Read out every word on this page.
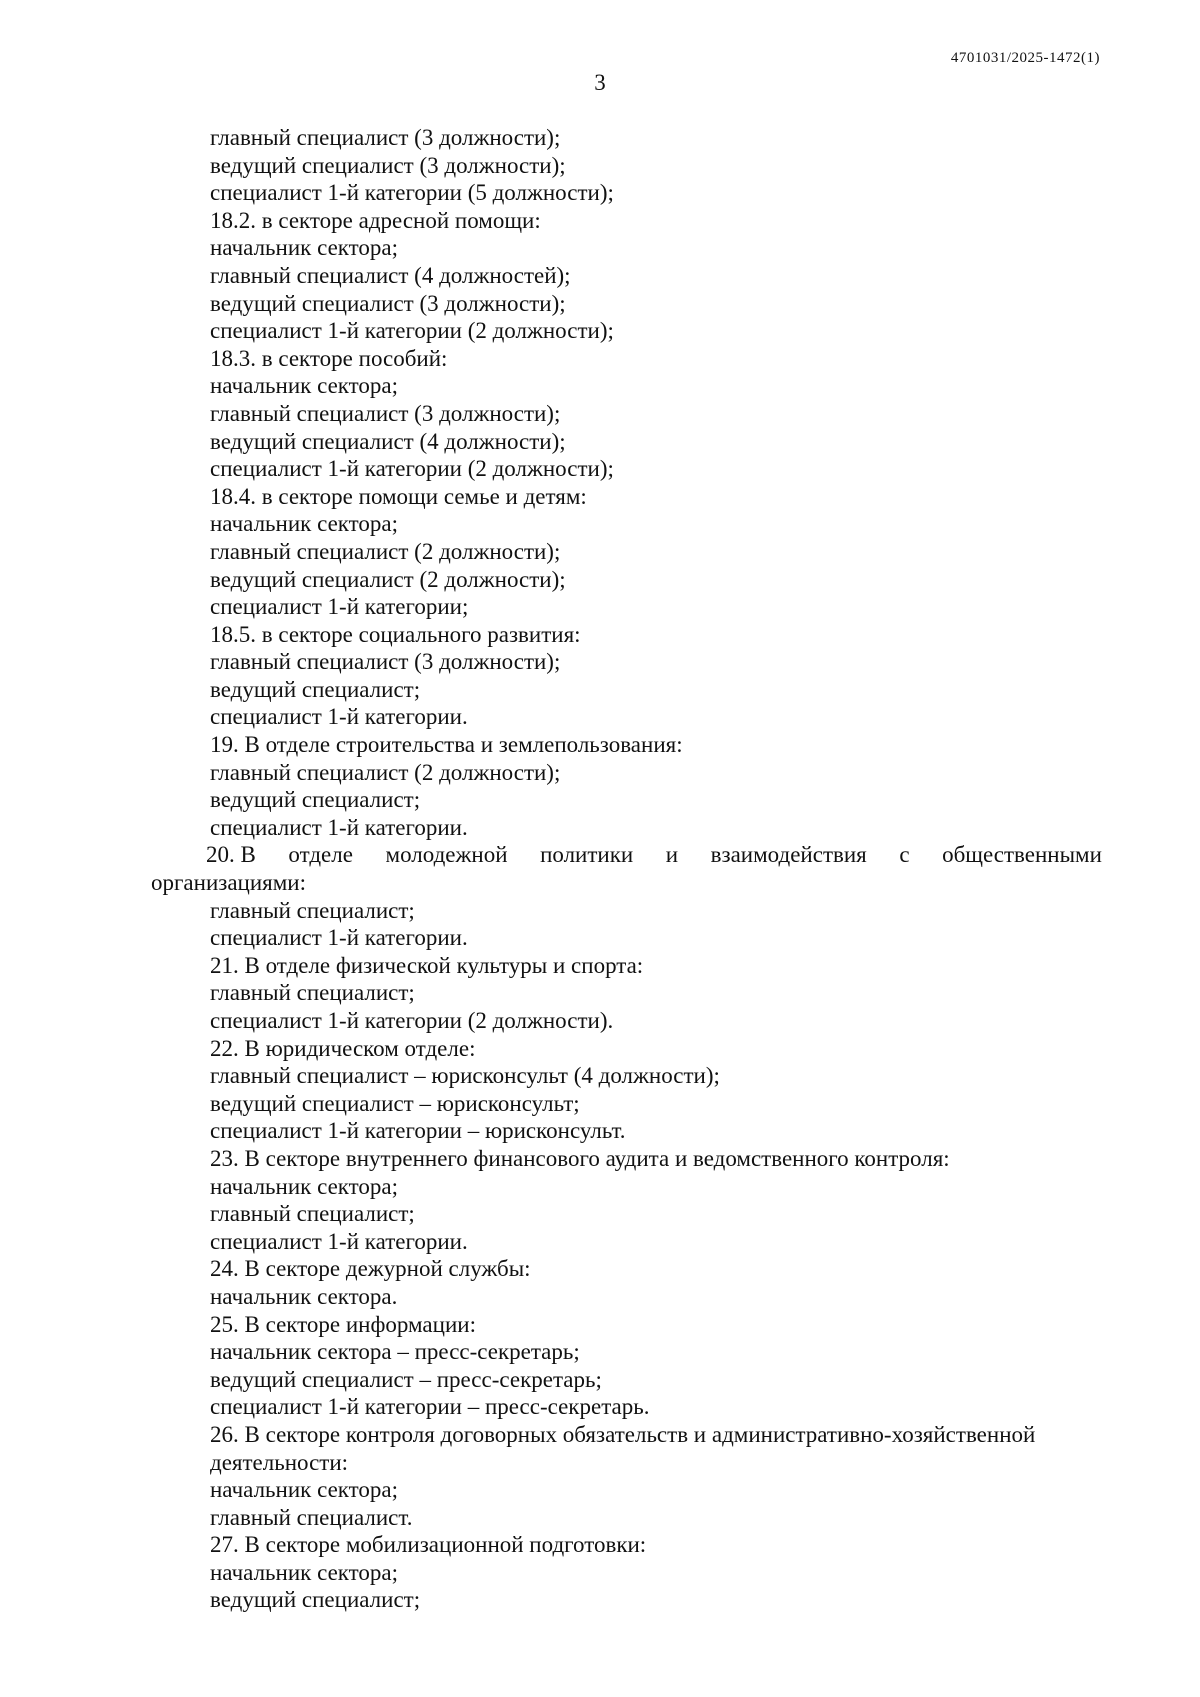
4701031/2025-1472(1)
3
главный специалист (3 должности);
ведущий специалист (3 должности);
специалист 1-й категории (5 должности);
18.2. в секторе адресной помощи:
начальник сектора;
главный специалист (4 должностей);
ведущий специалист (3 должности);
специалист 1-й категории (2 должности);
18.3. в секторе пособий:
начальник сектора;
главный специалист (3 должности);
ведущий специалист (4 должности);
специалист 1-й категории (2 должности);
18.4. в секторе помощи семье и детям:
начальник сектора;
главный специалист (2 должности);
ведущий специалист (2 должности);
специалист 1-й категории;
18.5. в секторе социального развития:
главный специалист (3 должности);
ведущий специалист;
специалист 1-й категории.
19. В отделе строительства и землепользования:
главный специалист (2 должности);
ведущий специалист;
специалист 1-й категории.
20. В отделе молодежной политики и взаимодействия с общественными
организациями:
главный специалист;
специалист 1-й категории.
21. В отделе физической культуры и спорта:
главный специалист;
специалист 1-й категории (2 должности).
22. В юридическом отделе:
главный специалист – юрисконсульт (4 должности);
ведущий специалист – юрисконсульт;
специалист 1-й категории – юрисконсульт.
23. В секторе внутреннего финансового аудита и ведомственного контроля:
начальник сектора;
главный специалист;
специалист 1-й категории.
24. В секторе дежурной службы:
начальник сектора.
25. В секторе информации:
начальник сектора – пресс-секретарь;
ведущий специалист – пресс-секретарь;
специалист 1-й категории – пресс-секретарь.
26. В секторе контроля договорных обязательств и административно-хозяйственной
деятельности:
начальник сектора;
главный специалист.
27. В секторе мобилизационной подготовки:
начальник сектора;
ведущий специалист;
